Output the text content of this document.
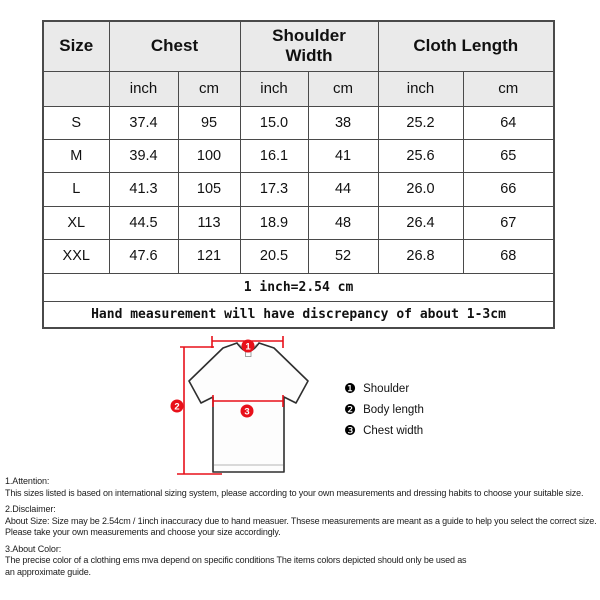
Size	Chest		Shoulder Width		Cloth Length	
	inch	cm	inch	cm	inch	cm
S	37.4	95	15.0	38	25.2	64
M	39.4	100	16.1	41	25.6	65
L	41.3	105	17.3	44	26.0	66
XL	44.5	113	18.9	48	26.4	67
XXL	47.6	121	20.5	52	26.8	68
1 inch=2.54 cm						
Hand measurement will have discrepancy of about 1-3cm						
1
2	3
❶ Shoulder
❷ Body length
❸ Chest width
1.Attention:
This sizes listed is based on international sizing system, please according to your own measurements and dressing habits to choose your suitable size.
2.Disclaimer:
About Size: Size may be 2.54cm / 1inch inaccuracy due to hand measuer. Thsese measurements are meant as a guide to help you select the correct size.
Please take your own measurements and choose your size accordingly.
3.About Color:
The precise color of a clothing ems mva depend on specific conditions The items colors depicted should only be used as
an approximate guide.
